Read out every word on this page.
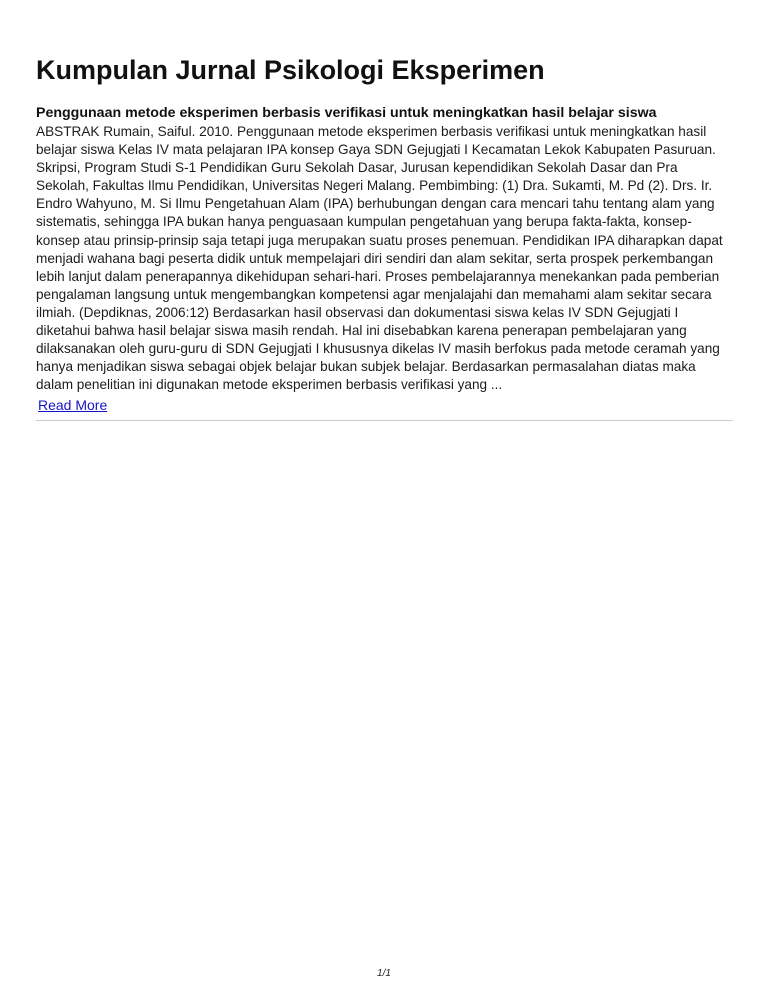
Kumpulan Jurnal Psikologi Eksperimen
Penggunaan metode eksperimen berbasis verifikasi untuk meningkatkan hasil belajar siswa

ABSTRAK Rumain, Saiful. 2010. Penggunaan metode eksperimen berbasis verifikasi untuk meningkatkan hasil belajar siswa Kelas IV mata pelajaran IPA konsep Gaya SDN Gejugjati I Kecamatan Lekok Kabupaten Pasuruan. Skripsi, Program Studi S-1 Pendidikan Guru Sekolah Dasar, Jurusan kependidikan Sekolah Dasar dan Pra Sekolah, Fakultas Ilmu Pendidikan, Universitas Negeri Malang. Pembimbing: (1) Dra. Sukamti, M. Pd (2). Drs. Ir. Endro Wahyuno, M. Si Ilmu Pengetahuan Alam (IPA) berhubungan dengan cara mencari tahu tentang alam yang sistematis, sehingga IPA bukan hanya penguasaan kumpulan pengetahuan yang berupa fakta-fakta, konsep-konsep atau prinsip-prinsip saja tetapi juga merupakan suatu proses penemuan. Pendidikan IPA diharapkan dapat menjadi wahana bagi peserta didik untuk mempelajari diri sendiri dan alam sekitar, serta prospek perkembangan lebih lanjut dalam penerapannya dikehidupan sehari-hari. Proses pembelajarannya menekankan pada pemberian pengalaman langsung untuk mengembangkan kompetensi agar menjalajahi dan memahami alam sekitar secara ilmiah. (Depdiknas, 2006:12) Berdasarkan hasil observasi dan dokumentasi siswa kelas IV SDN Gejugjati I diketahui bahwa hasil belajar siswa masih rendah. Hal ini disebabkan karena penerapan pembelajaran yang dilaksanakan oleh guru-guru di SDN Gejugjati I khususnya dikelas IV masih berfokus pada metode ceramah yang hanya menjadikan siswa sebagai objek belajar bukan subjek belajar. Berdasarkan permasalahan diatas maka dalam penelitian ini digunakan metode eksperimen berbasis verifikasi yang ...

Read More
1/1
